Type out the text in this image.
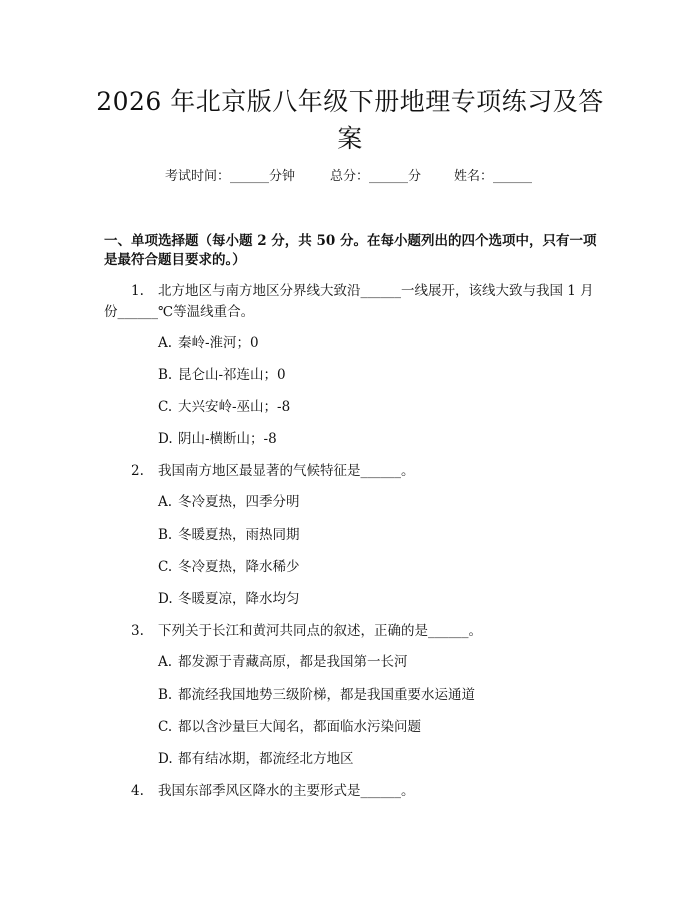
2026 年北京版八年级下册地理专项练习及答
案
考试时间：______分钟	总分：______分	姓名：______
一、单项选择题（每小题 2 分，共 50 分。在每小题列出的四个选项中，只有一项
是最符合题目要求的。）
1. 北方地区与南方地区分界线大致沿______一线展开，该线大致与我国 1 月
份______℃等温线重合。
A. 秦岭-淮河；0
B. 昆仑山-祁连山；0
C. 大兴安岭-巫山；-8
D. 阴山-横断山；-8
2. 我国南方地区最显著的气候特征是______。
A. 冬冷夏热，四季分明
B. 冬暖夏热，雨热同期
C. 冬冷夏热，降水稀少
D. 冬暖夏凉，降水均匀
3. 下列关于长江和黄河共同点的叙述，正确的是______。
A. 都发源于青藏高原，都是我国第一长河
B. 都流经我国地势三级阶梯，都是我国重要水运通道
C. 都以含沙量巨大闻名，都面临水污染问题
D. 都有结冰期，都流经北方地区
4. 我国东部季风区降水的主要形式是______。
